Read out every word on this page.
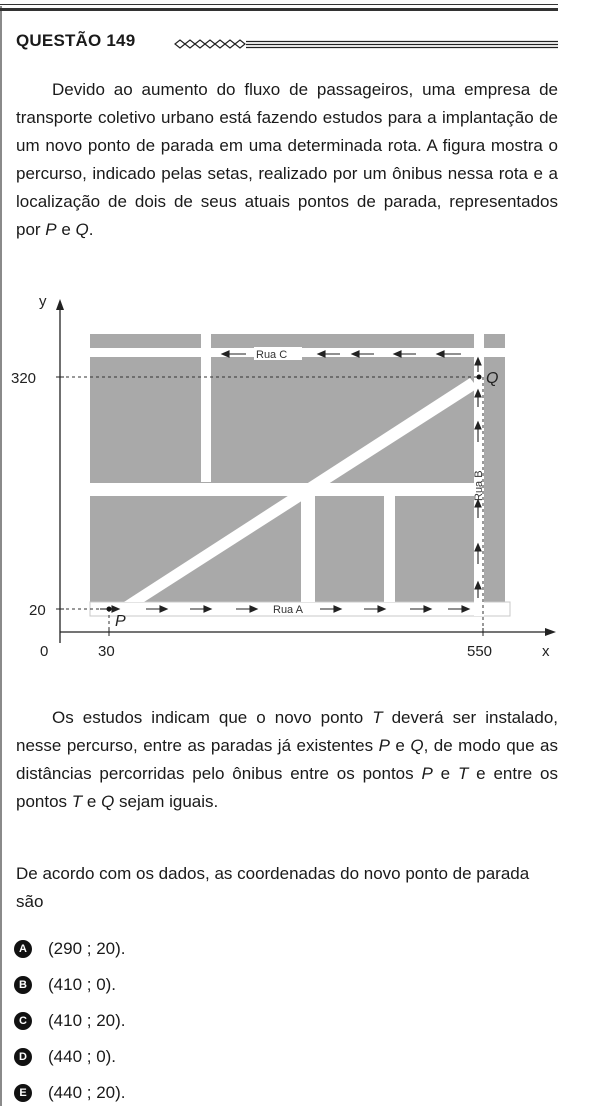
QUESTÃO 149

Devido ao aumento do fluxo de passageiros, uma empresa de transporte coletivo urbano está fazendo estudos para a implantação de um novo ponto de parada em uma determinada rota. A figura mostra o percurso, indicado pelas setas, realizado por um ônibus nessa rota e a localização de dois de seus atuais pontos de parada, representados por P e Q.

Rua C
Rua A
Rua B
P
Q
y
x
0
320
20
30	550

Os estudos indicam que o novo ponto T deverá ser instalado, nesse percurso, entre as paradas já existentes P e Q, de modo que as distâncias percorridas pelo ônibus entre os pontos P e T e entre os pontos T e Q sejam iguais.

De acordo com os dados, as coordenadas do novo ponto de parada são

A (290 ; 20).
B (410 ; 0).
C (410 ; 20).
D (440 ; 0).
E	(440 ; 20).
